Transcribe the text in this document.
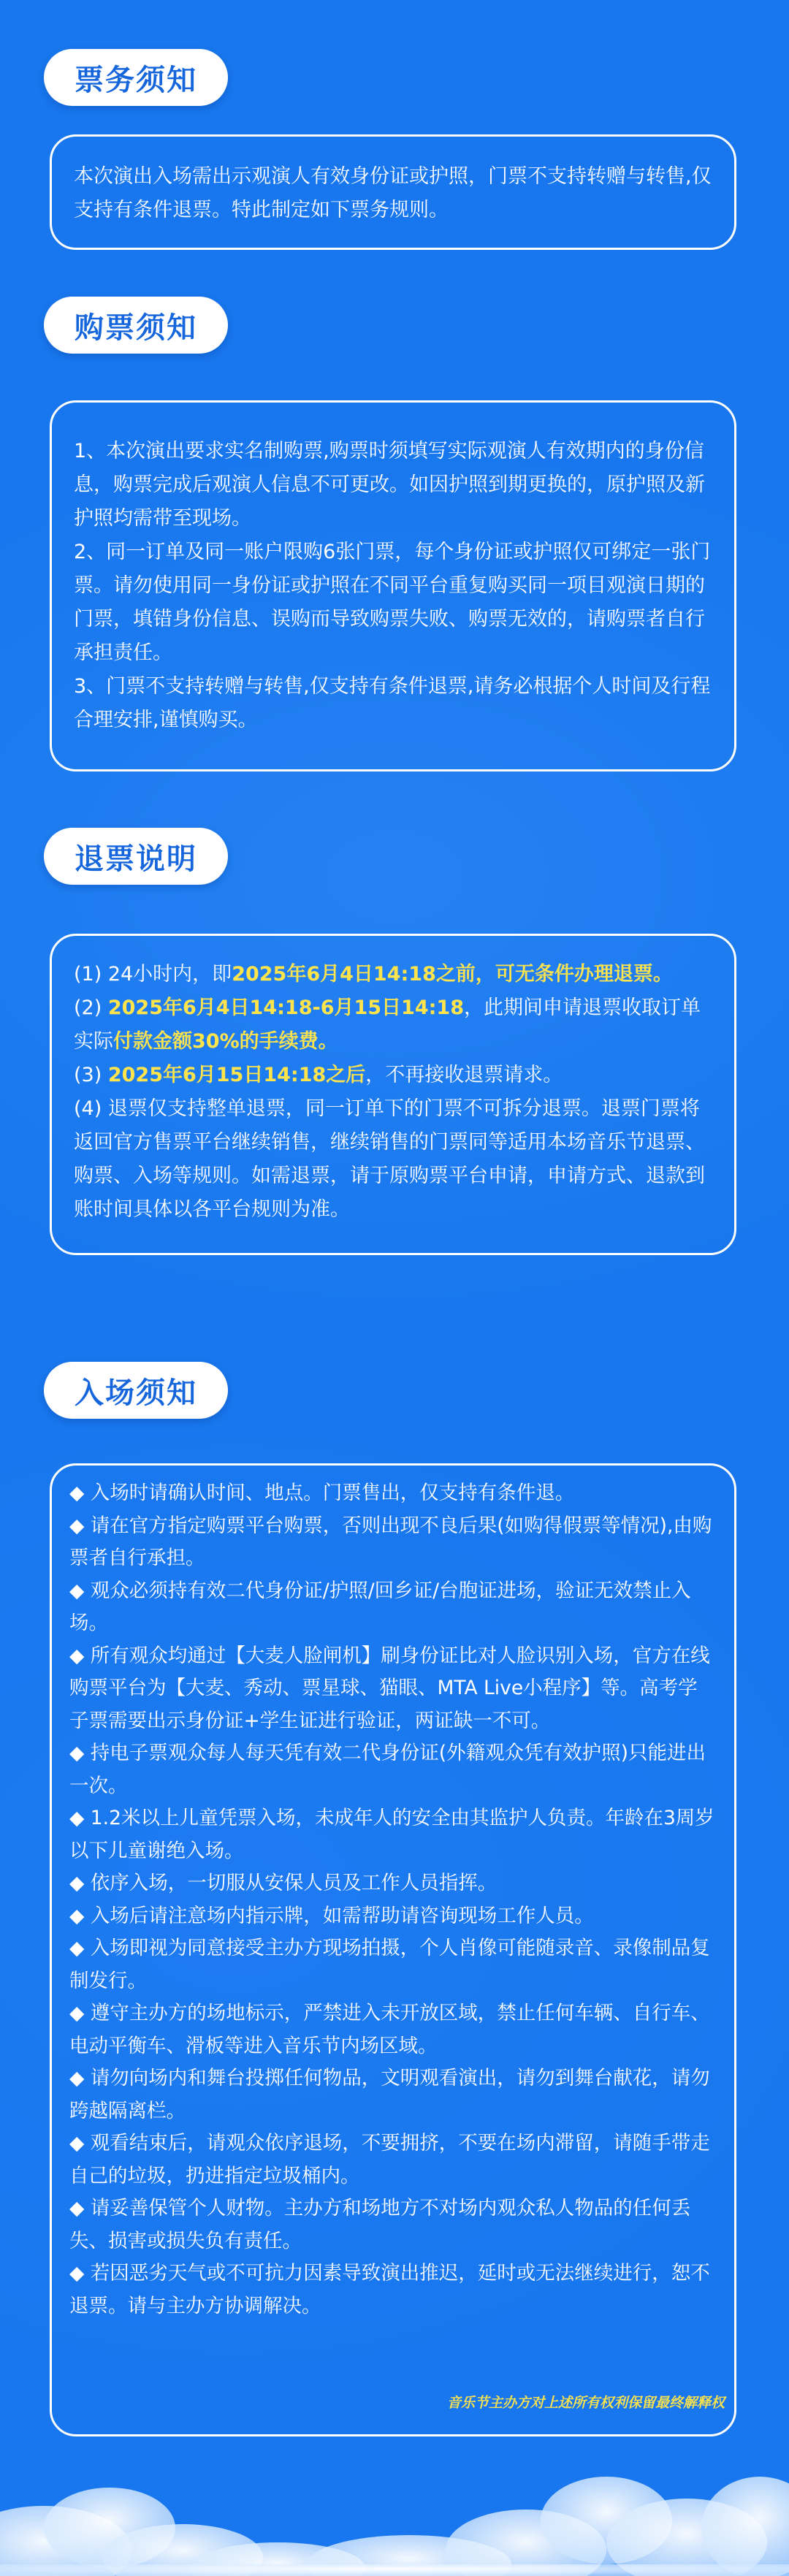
票务须知

本次演出入场需出示观演人有效身份证或护照，门票不支持转赠与转售,仅支持有条件退票。特此制定如下票务规则。

购票须知

1、本次演出要求实名制购票,购票时须填写实际观演人有效期内的身份信息，购票完成后观演人信息不可更改。如因护照到期更换的，原护照及新护照均需带至现场。

2、同一订单及同一账户限购6张门票，每个身份证或护照仅可绑定一张门票。请勿使用同一身份证或护照在不同平台重复购买同一项目观演日期的门票，填错身份信息、误购而导致购票失败、购票无效的，请购票者自行承担责任。

3、门票不支持转赠与转售,仅支持有条件退票,请务必根据个人时间及行程合理安排,谨慎购买。

退票说明

(1) 24小时内，即2025年6月4日14:18之前，可无条件办理退票。

(2) 2025年6月4日14:18-6月15日14:18，此期间申请退票收取订单实际付款金额30%的手续费。

(3) 2025年6月15日14:18之后，不再接收退票请求。

(4) 退票仅支持整单退票，同一订单下的门票不可拆分退票。退票门票将返回官方售票平台继续销售，继续销售的门票同等适用本场音乐节退票、购票、入场等规则。如需退票，请于原购票平台申请，申请方式、退款到账时间具体以各平台规则为准。

入场须知

◆ 入场时请确认时间、地点。门票售出，仅支持有条件退。

◆ 请在官方指定购票平台购票，否则出现不良后果(如购得假票等情况),由购票者自行承担。

◆ 观众必须持有效二代身份证/护照/回乡证/台胞证进场，验证无效禁止入场。

◆ 所有观众均通过【大麦人脸闸机】刷身份证比对人脸识别入场，官方在线购票平台为【大麦、秀动、票星球、猫眼、MTA Live小程序】等。高考学子票需要出示身份证+学生证进行验证，两证缺一不可。

◆ 持电子票观众每人每天凭有效二代身份证(外籍观众凭有效护照)只能进出一次。

◆ 1.2米以上儿童凭票入场，未成年人的安全由其监护人负责。年龄在3周岁以下儿童谢绝入场。

◆ 依序入场，一切服从安保人员及工作人员指挥。

◆ 入场后请注意场内指示牌，如需帮助请咨询现场工作人员。

◆ 入场即视为同意接受主办方现场拍摄，个人肖像可能随录音、录像制品复制发行。

◆ 遵守主办方的场地标示，严禁进入未开放区域，禁止任何车辆、自行车、电动平衡车、滑板等进入音乐节内场区域。

◆ 请勿向场内和舞台投掷任何物品，文明观看演出，请勿到舞台献花，请勿跨越隔离栏。

◆ 观看结束后，请观众依序退场，不要拥挤，不要在场内滞留，请随手带走自己的垃圾，扔进指定垃圾桶内。

◆ 请妥善保管个人财物。主办方和场地方不对场内观众私人物品的任何丢失、损害或损失负有责任。

◆ 若因恶劣天气或不可抗力因素导致演出推迟，延时或无法继续进行，恕不退票。请与主办方协调解决。

音乐节主办方对上述所有权利保留最终解释权
